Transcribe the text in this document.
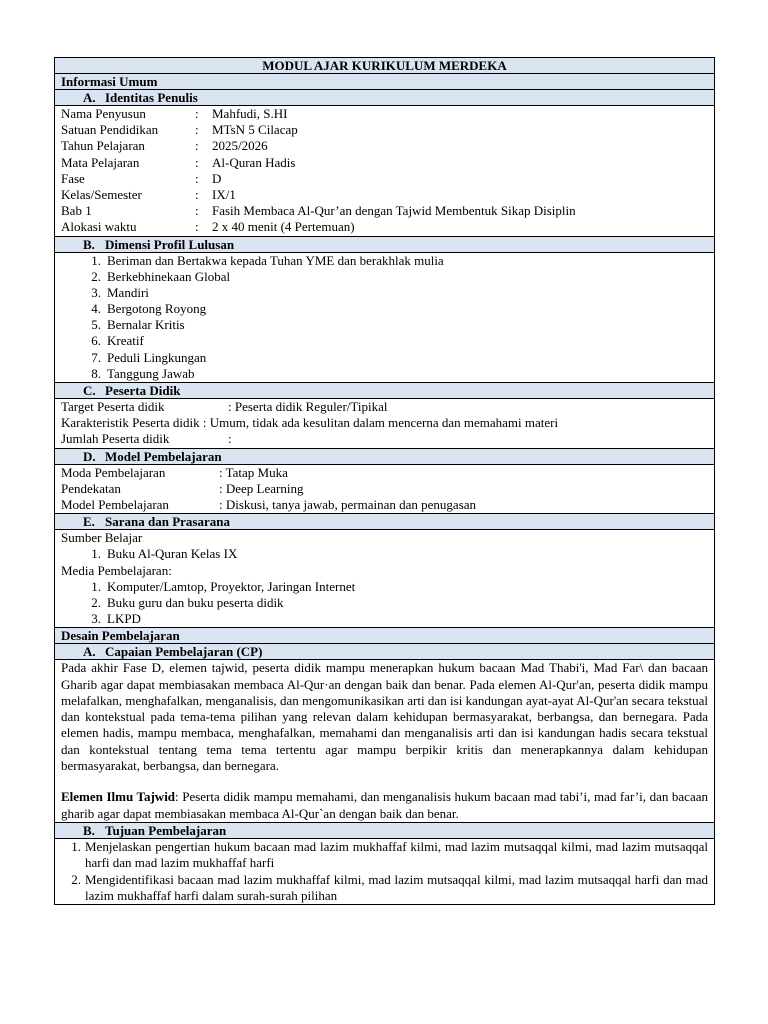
MODUL AJAR KURIKULUM MERDEKA
Informasi Umum
A. Identitas Penulis
Nama Penyusun	: Mahfudi, S.HI
Satuan Pendidikan	: MTsN 5 Cilacap
Tahun Pelajaran	: 2025/2026
Mata Pelajaran	: Al-Quran Hadis
Fase	: D
Kelas/Semester	: IX/1
Bab 1	: Fasih Membaca Al-Qur’an dengan Tajwid Membentuk Sikap Disiplin
Alokasi waktu	: 2 x 40 menit (4 Pertemuan)
B. Dimensi Profil Lulusan
1. Beriman dan Bertakwa kepada Tuhan YME dan berakhlak mulia
2. Berkebhinekaan Global
3. Mandiri
4. Bergotong Royong
5. Bernalar Kritis
6. Kreatif
7. Peduli Lingkungan
8. Tanggung Jawab
C. Peserta Didik
Target Peserta didik	: Peserta didik Reguler/Tipikal
Karakteristik Peserta didik : Umum, tidak ada kesulitan dalam mencerna dan memahami materi
Jumlah Peserta didik	:
D. Model Pembelajaran
Moda Pembelajaran	: Tatap Muka
Pendekatan	: Deep Learning
Model Pembelajaran	: Diskusi, tanya jawab, permainan dan penugasan
E. Sarana dan Prasarana
Sumber Belajar
1. Buku Al-Quran Kelas IX
Media Pembelajaran:
1. Komputer/Lamtop, Proyektor, Jaringan Internet
2. Buku guru dan buku peserta didik
3. LKPD
Desain Pembelajaran
A. Capaian Pembelajaran (CP)
Pada akhir Fase D, elemen tajwid, peserta didik mampu menerapkan hukum bacaan Mad Thabi'i, Mad Far\ dan bacaan Gharib agar dapat membiasakan membaca Al-Qur·an dengan baik dan benar. Pada elemen Al-Qur'an, peserta didik mampu melafalkan, menghafalkan, menganalisis, dan mengomunikasikan arti dan isi kandungan ayat-ayat Al-Qur'an secara tekstual dan kontekstual pada tema-tema pilihan yang relevan dalam kehidupan bermasyarakat, berbangsa, dan bernegara. Pada elemen hadis, mampu membaca, menghafalkan, memahami dan menganalisis arti dan isi kandungan hadis secara tekstual dan kontekstual tentang tema tema tertentu agar mampu berpikir kritis dan menerapkannya dalam kehidupan bermasyarakat, berbangsa, dan bernegara.
Elemen Ilmu Tajwid: Peserta didik mampu memahami, dan menganalisis hukum bacaan mad tabi’i, mad far’i, dan bacaan gharib agar dapat membiasakan membaca Al-Qur`an dengan baik dan benar.
B. Tujuan Pembelajaran
1. Menjelaskan pengertian hukum bacaan mad lazim mukhaffaf kilmi, mad lazim mutsaqqal kilmi, mad lazim mutsaqqal harfi dan mad lazim mukhaffaf harfi
2. Mengidentifikasi bacaan mad lazim mukhaffaf kilmi, mad lazim mutsaqqal kilmi, mad lazim mutsaqqal harfi dan mad lazim mukhaffaf harfi dalam surah-surah pilihan
